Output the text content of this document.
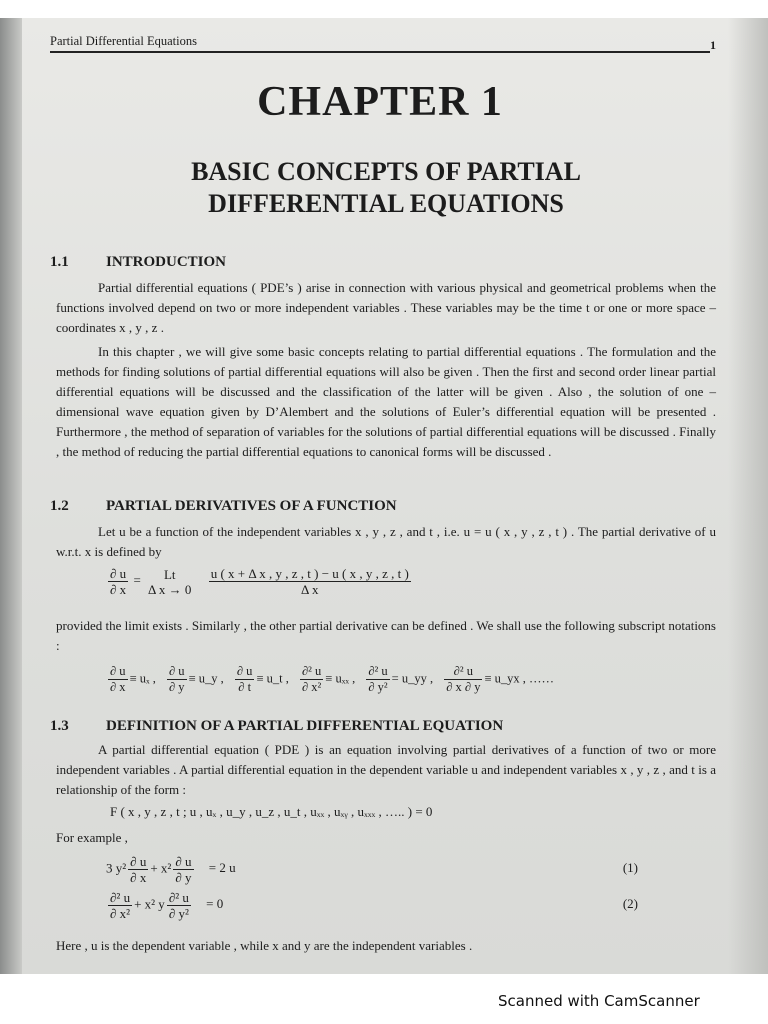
Partial Differential Equations	1
CHAPTER 1
BASIC CONCEPTS OF PARTIAL
DIFFERENTIAL EQUATIONS
1.1 INTRODUCTION
Partial differential equations ( PDE’s ) arise in connection with various physical and geometrical problems when the functions involved depend on two or more independent variables . These variables may be the time t or one or more space – coordinates x , y , z .
In this chapter , we will give some basic concepts relating to partial differential equations . The formulation and the methods for finding solutions of partial differential equations will also be given . Then the first and second order linear partial differential equations will be discussed and the classification of the latter will be given . Also , the solution of one – dimensional wave equation given by D’Alembert and the solutions of Euler’s differential equation will be presented . Furthermore , the method of separation of variables for the solutions of partial differential equations will be discussed . Finally , the method of reducing the partial differential equations to canonical forms will be discussed .
1.2 PARTIAL DERIVATIVES OF A FUNCTION
Let u be a function of the independent variables x , y , z , and t , i.e. u = u ( x , y , z , t ) . The partial derivative of u w.r.t. x is defined by
$\frac{\partial u}{\partial x}$ =	Lt
Δ x → 0
$\frac{\text{u ( x + Δ x , y , z , t ) − u ( x , y , z , t )}}{\text{Δ x}}$
provided the limit exists . Similarly , the other partial derivative can be defined . We shall use the following subscript notations :
$\frac{\partial u}{\partial x} \equiv u_x$ , $\frac{\partial u}{\partial y}$ ≡ u_y , $\frac{\partial u}{\partial t}$ ≡ u_t , $\frac{\text{∂² u}}{\text{∂ x²}} \equiv u_{xx}$ , $\frac{\text{∂² u}}{\text{∂ y²}}$ = u_yy , $\frac{\text{∂² u}}{\partial x \partial y}$ ≡ u_yx , ……
1.3 DEFINITION OF A PARTIAL DIFFERENTIAL EQUATION
A partial differential equation ( PDE ) is an equation involving partial derivatives of a function of two or more independent variables . A partial differential equation in the dependent variable u and independent variables x , y , z , and t is a relationship of the form :
F ( x , y , z , t ; u , uₓ , u_y , u_z , u_t , uₓₓ , uₓᵧ , uₓₓₓ , ….. ) = 0
For example ,
3 $y^2 \frac{\partial u}{\partial x} + x^2 \frac{\partial u}{\partial y} = 2$ u	(1)
$\frac{\text{∂² u}}{\text{∂ x²}} + x^2$ y $\frac{\text{∂² u}}{\text{∂ y²}} = 0$	(2)
Here , u is the dependent variable , while x and y are the independent variables .
Scanned with CamScanner
